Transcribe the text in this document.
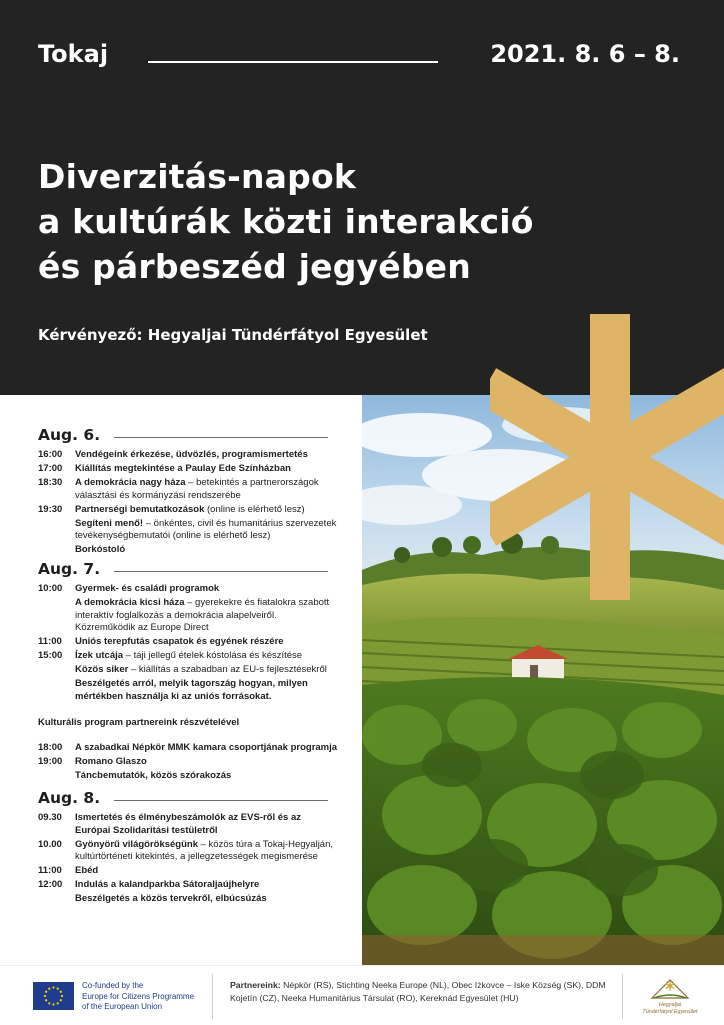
Tokaj	2021. 8. 6 – 8.
Diverzitás-napok
a kultúrák közti interakció
és párbeszéd jegyében
Kérvényező: Hegyaljai Tündérfátyol Egyesület
Aug. 6.
16:00	Vendégeink érkezése, üdvözlés, programismertetés
17:00	Kiállítás megtekintése a Paulay Ede Színházban
18:30	A demokrácia nagy háza – betekintés a partnerországok választási és kormányzási rendszerébe
19:30	Partnerségi bemutatkozások (online is elérhető lesz)
Segíteni menő! – önkéntes, civil és humanitárius szervezetek tevékenységbemutatói (online is elérhető lesz)
Borkóstoló
Aug. 7.
10:00	Gyermek- és családi programok
A demokrácia kicsi háza – gyerekekre és fiatalokra szabott interaktív foglalkozás a demokrácia alapelveiről. Közreműködik az Europe Direct
11:00	Uniós terepfutás csapatok és egyének részére
15:00	Ízek utcája – táji jellegű ételek kóstolása és készítése
Közös siker – kiállítás a szabadban az EU-s fejlesztésekről
Beszélgetés arról, melyik tagország hogyan, milyen mértékben használja ki az uniós forrásokat.
Kulturális program partnereink részvételével
18:00	A szabadkai Népkör MMK kamara csoportjának programja
19:00	Romano Glaszo
Táncbemutatók, közös szórakozás
Aug. 8.
09.30	Ismertetés és élménybeszámolók az EVS-ről és az Európai Szolidaritási testületről
10.00	Gyönyörű világörökségünk – közös túra a Tokaj-Hegyalján, kultúrtörténeti kitekintés, a jellegzetességek megismerése
11:00	Ebéd
12:00	Indulás a kalandparkba Sátoraljaújhelyre
Beszélgetés a közös tervekről, elbúcsúzás
Co-funded by the
Europe for Citizens Programme
of the European Union
Partnereink: Népkör (RS), Stichting Neeka Europe (NL), Obec Iżkovce – Iske Község (SK), DDM Kojetín (CZ), Neeka Humanitárius Társulat (RO), Kereknád Egyesület (HU)
Hegyaljai
Tündérfátyol Egyesület
